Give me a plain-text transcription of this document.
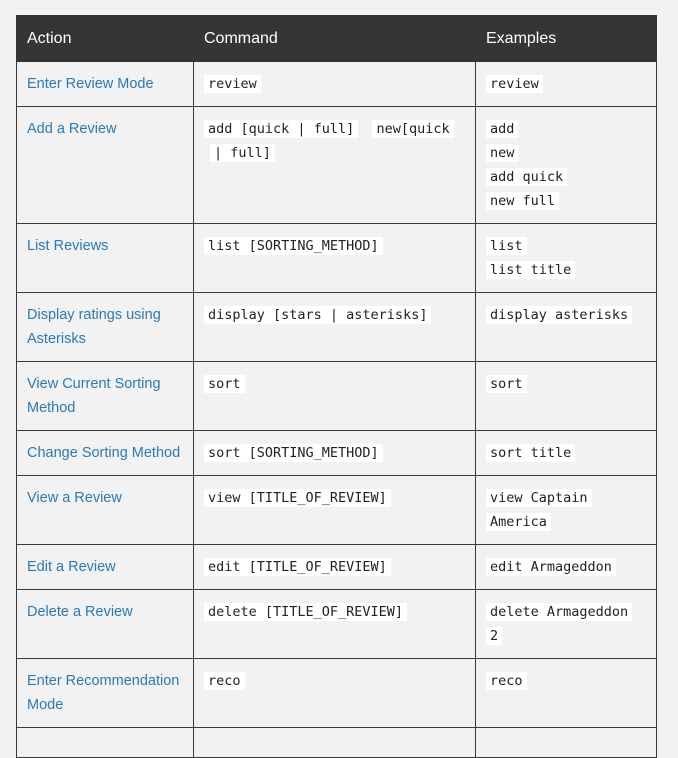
Action	Command	Examples
Enter Review Mode	review	review

Add a Review	add [quick | full] new[quick | full]	add
new
add quick
new full

List Reviews	list [SORTING_METHOD]	list
list title

Display ratings using Asterisks	display [stars | asterisks]	display asterisks

View Current Sorting Method	sort	sort

Change Sorting Method	sort [SORTING_METHOD]	sort title

View a Review	view [TITLE_OF_REVIEW]	view Captain America
Edit a Review	edit [TITLE_OF_REVIEW]	edit Armageddon

Delete a Review	delete [TITLE_OF_REVIEW]	delete Armageddon 2
Enter Recommendation Mode	reco	reco
